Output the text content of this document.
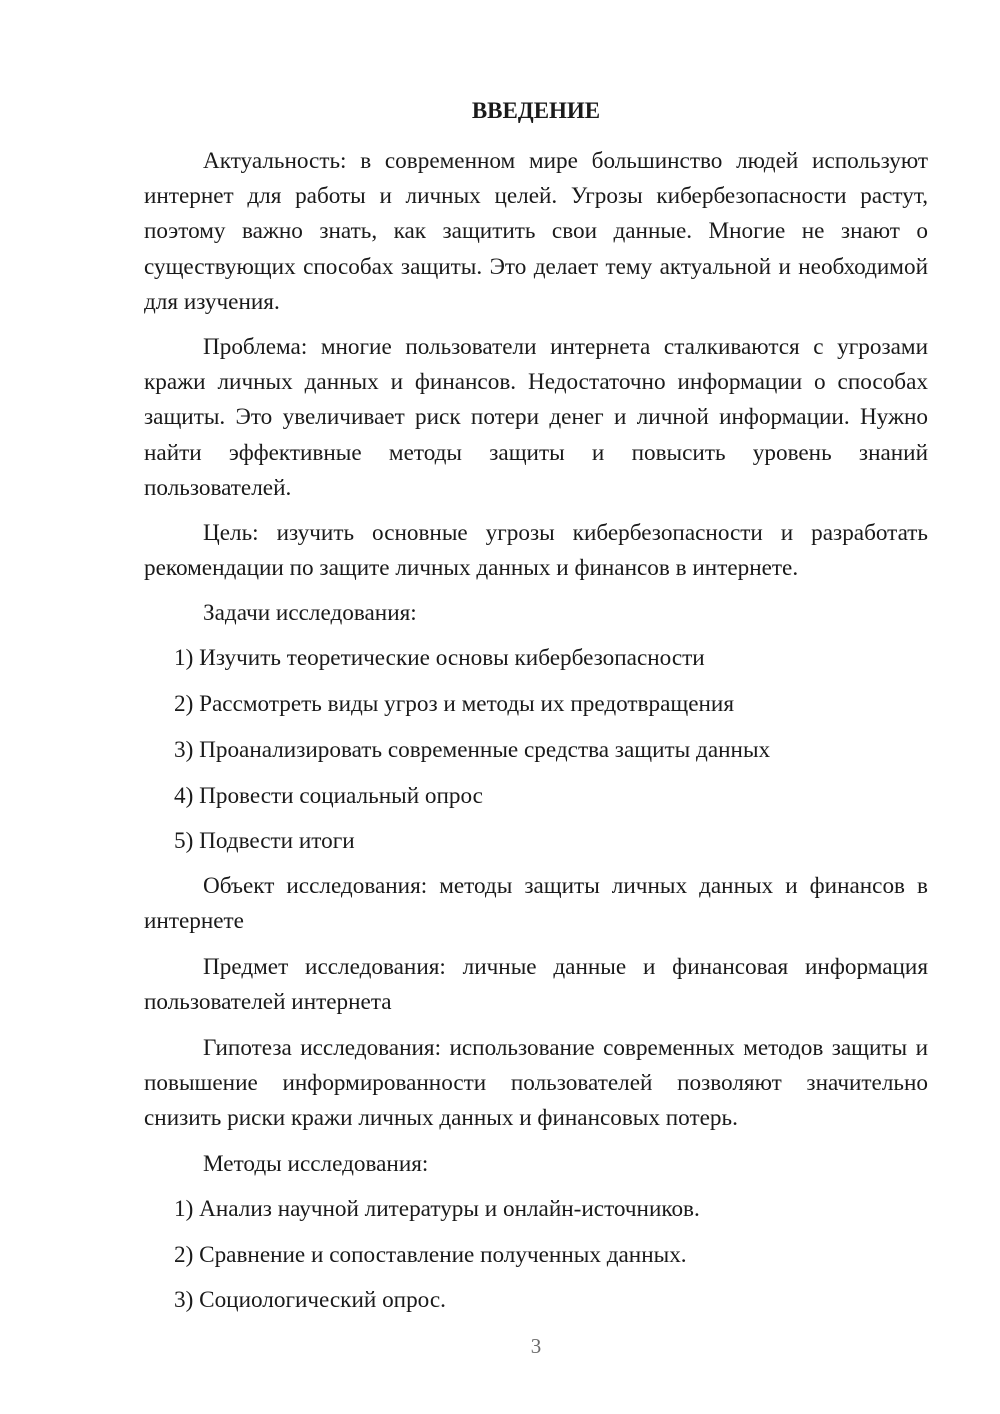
ВВЕДЕНИЕ

Актуальность: в современном мире большинство людей используют интернет для работы и личных целей. Угрозы кибербезопасности растут, поэтому важно знать, как защитить свои данные. Многие не знают о существующих способах защиты. Это делает тему актуальной и необходимой для изучения.

Проблема: многие пользователи интернета сталкиваются с угрозами кражи личных данных и финансов. Недостаточно информации о способах защиты. Это увеличивает риск потери денег и личной информации. Нужно найти эффективные методы защиты и повысить уровень знаний пользователей.

Цель: изучить основные угрозы кибербезопасности и разработать рекомендации по защите личных данных и финансов в интернете.

Задачи исследования:

1) Изучить теоретические основы кибербезопасности

2) Рассмотреть виды угроз и методы их предотвращения

3) Проанализировать современные средства защиты данных

4) Провести социальный опрос

5) Подвести итоги

Объект исследования: методы защиты личных данных и финансов в интернете

Предмет исследования: личные данные и финансовая информация пользователей интернета

Гипотеза исследования: использование современных методов защиты и повышение информированности пользователей позволяют значительно снизить риски кражи личных данных и финансовых потерь.

Методы исследования:

1) Анализ научной литературы и онлайн-источников.

2) Сравнение и сопоставление полученных данных.

3) Социологический опрос.

3
